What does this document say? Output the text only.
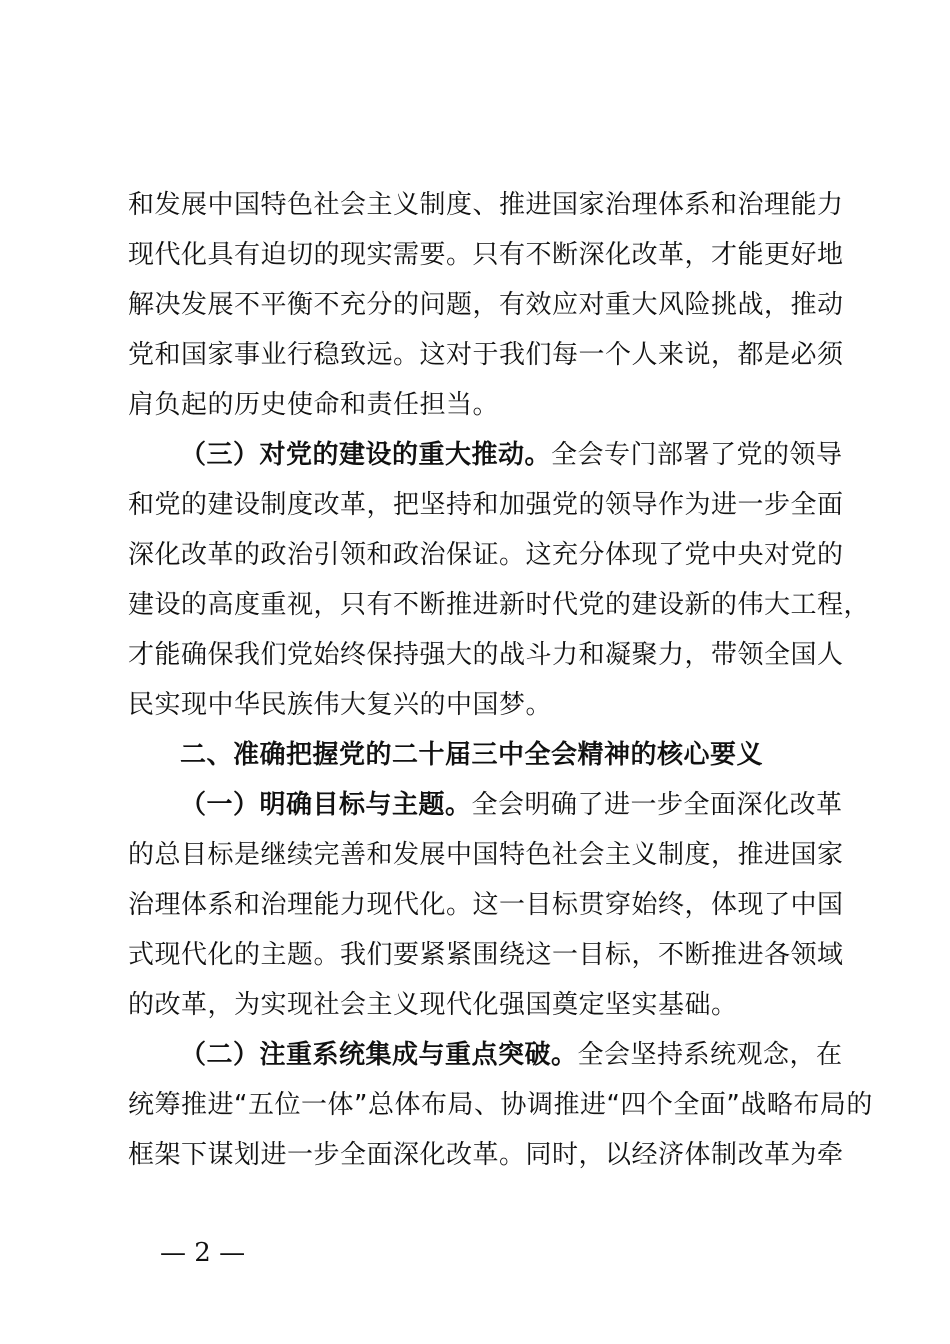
和发展中国特色社会主义制度、推进国家治理体系和治理能力
现代化具有迫切的现实需要。只有不断深化改革，才能更好地
解决发展不平衡不充分的问题，有效应对重大风险挑战，推动
党和国家事业行稳致远。这对于我们每一个人来说，都是必须
肩负起的历史使命和责任担当。
（三）对党的建设的重大推动。全会专门部署了党的领导
和党的建设制度改革，把坚持和加强党的领导作为进一步全面
深化改革的政治引领和政治保证。这充分体现了党中央对党的
建设的高度重视，只有不断推进新时代党的建设新的伟大工程，
才能确保我们党始终保持强大的战斗力和凝聚力，带领全国人
民实现中华民族伟大复兴的中国梦。
二、准确把握党的二十届三中全会精神的核心要义
（一）明确目标与主题。全会明确了进一步全面深化改革
的总目标是继续完善和发展中国特色社会主义制度，推进国家
治理体系和治理能力现代化。这一目标贯穿始终，体现了中国
式现代化的主题。我们要紧紧围绕这一目标，不断推进各领域
的改革，为实现社会主义现代化强国奠定坚实基础。
（二）注重系统集成与重点突破。全会坚持系统观念，在
统筹推进“五位一体”总体布局、协调推进“四个全面”战略布局的
框架下谋划进一步全面深化改革。同时，以经济体制改革为牵
— 2 —
